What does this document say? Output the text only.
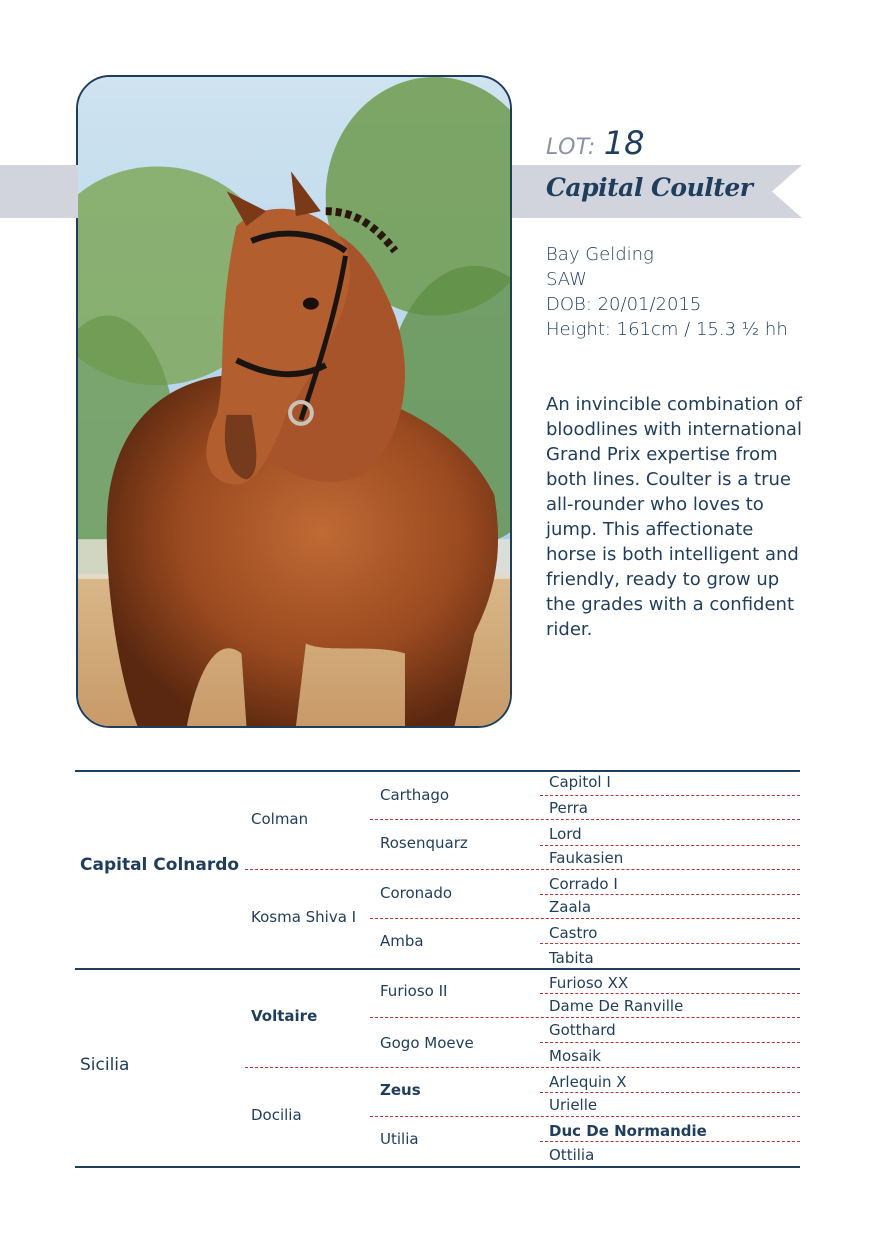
LOT: 18
Capital Coulter
Bay Gelding
SAW
DOB: 20/01/2015
Height: 161cm / 15.3 ½ hh
An invincible combination of bloodlines with international Grand Prix expertise from both lines. Coulter is a true all-rounder who loves to jump. This affectionate horse is both intelligent and friendly, ready to grow up the grades with a confident rider.
Capital Colnardo
Sicilia
Colman
Kosma Shiva I
Voltaire
Docilia
Carthago
Rosenquarz
Coronado
Amba
Furioso II
Gogo Moeve
Zeus
Utilia
Capitol I
Perra
Lord
Faukasien
Corrado I
Zaala
Castro
Tabita
Furioso XX
Dame De Ranville
Gotthard
Mosaik
Arlequin X
Urielle
Duc De Normandie
Ottilia
